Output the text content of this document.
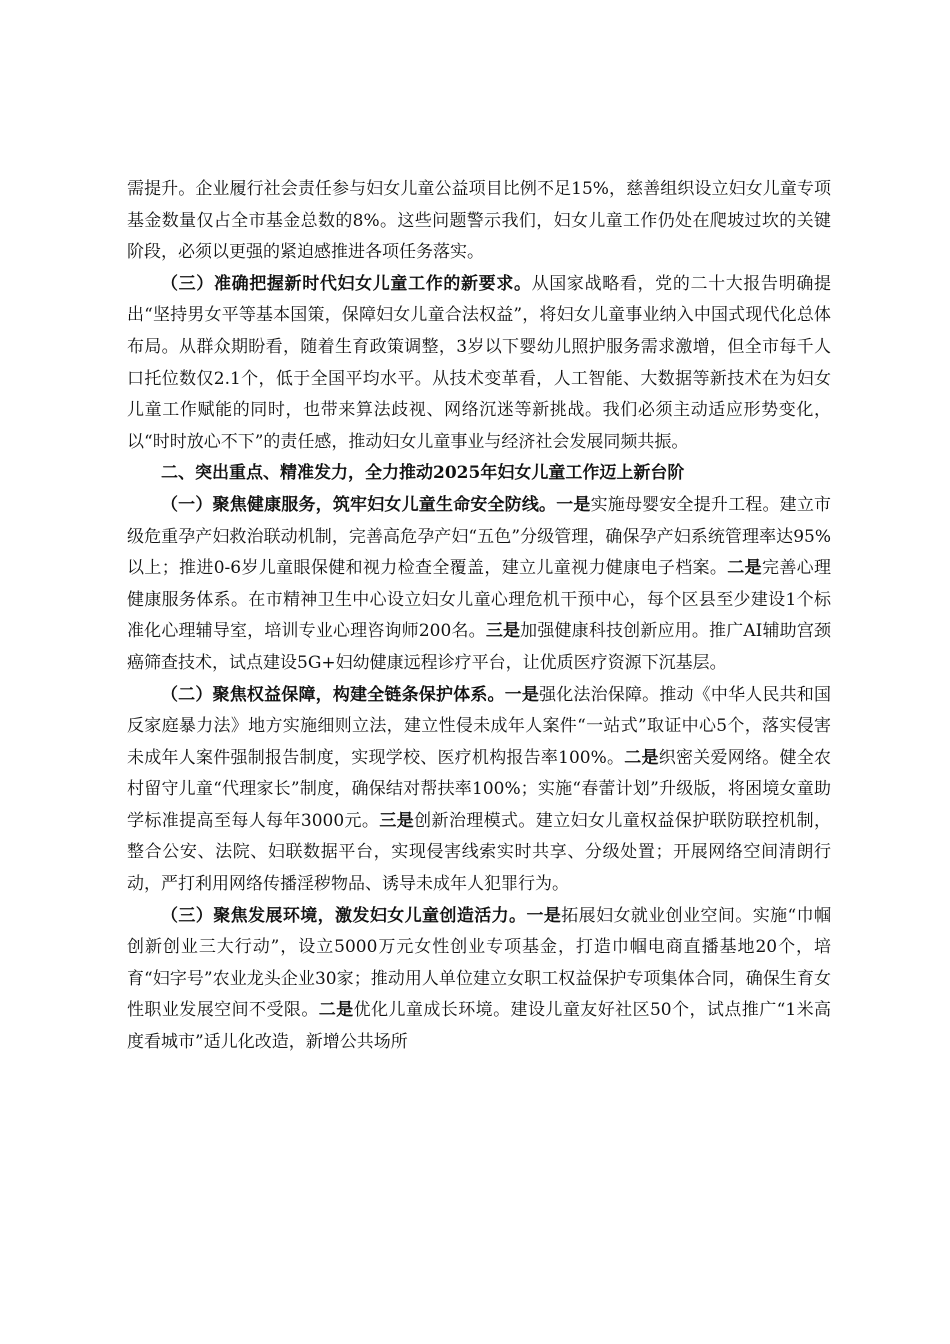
需提升。企业履行社会责任参与妇女儿童公益项目比例不足15%，慈善组织设立妇女儿童专项基金数量仅占全市基金总数的8%。这些问题警示我们，妇女儿童工作仍处在爬坡过坎的关键阶段，必须以更强的紧迫感推进各项任务落实。

（三）准确把握新时代妇女儿童工作的新要求。从国家战略看，党的二十大报告明确提出“坚持男女平等基本国策，保障妇女儿童合法权益”，将妇女儿童事业纳入中国式现代化总体布局。从群众期盼看，随着生育政策调整，3岁以下婴幼儿照护服务需求激增，但全市每千人口托位数仅2.1个，低于全国平均水平。从技术变革看，人工智能、大数据等新技术在为妇女儿童工作赋能的同时，也带来算法歧视、网络沉迷等新挑战。我们必须主动适应形势变化，以“时时放心不下”的责任感，推动妇女儿童事业与经济社会发展同频共振。

二、突出重点、精准发力，全力推动2025年妇女儿童工作迈上新台阶

（一）聚焦健康服务，筑牢妇女儿童生命安全防线。一是实施母婴安全提升工程。建立市级危重孕产妇救治联动机制，完善高危孕产妇“五色”分级管理，确保孕产妇系统管理率达95%以上；推进0-6岁儿童眼保健和视力检查全覆盖，建立儿童视力健康电子档案。二是完善心理健康服务体系。在市精神卫生中心设立妇女儿童心理危机干预中心，每个区县至少建设1个标准化心理辅导室，培训专业心理咨询师200名。三是加强健康科技创新应用。推广AI辅助宫颈癌筛查技术，试点建设5G+妇幼健康远程诊疗平台，让优质医疗资源下沉基层。

（二）聚焦权益保障，构建全链条保护体系。一是强化法治保障。推动《中华人民共和国反家庭暴力法》地方实施细则立法，建立性侵未成年人案件“一站式”取证中心5个，落实侵害未成年人案件强制报告制度，实现学校、医疗机构报告率100%。二是织密关爱网络。健全农村留守儿童“代理家长”制度，确保结对帮扶率100%；实施“春蕾计划”升级版，将困境女童助学标准提高至每人每年3000元。三是创新治理模式。建立妇女儿童权益保护联防联控机制，整合公安、法院、妇联数据平台，实现侵害线索实时共享、分级处置；开展网络空间清朗行动，严打利用网络传播淫秽物品、诱导未成年人犯罪行为。

（三）聚焦发展环境，激发妇女儿童创造活力。一是拓展妇女就业创业空间。实施“巾帼创新创业三大行动”，设立5000万元女性创业专项基金，打造巾帼电商直播基地20个，培育“妇字号”农业龙头企业30家；推动用人单位建立女职工权益保护专项集体合同，确保生育女性职业发展空间不受限。二是优化儿童成长环境。建设儿童友好社区50个，试点推广“1米高度看城市”适儿化改造，新增公共场所
